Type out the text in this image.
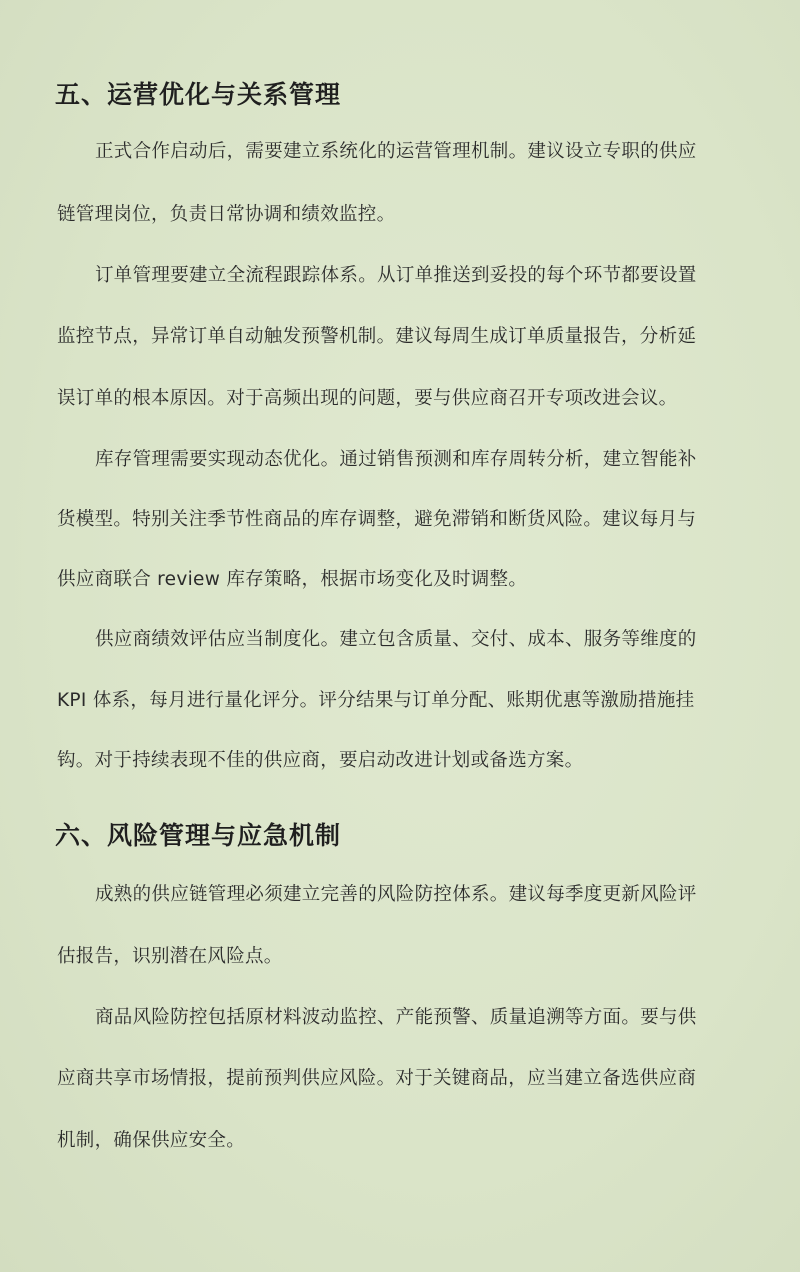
五、运营优化与关系管理

正式合作启动后，需要建立系统化的运营管理机制。建议设立专职的供应

链管理岗位，负责日常协调和绩效监控。

订单管理要建立全流程跟踪体系。从订单推送到妥投的每个环节都要设置

监控节点，异常订单自动触发预警机制。建议每周生成订单质量报告，分析延

误订单的根本原因。对于高频出现的问题，要与供应商召开专项改进会议。

库存管理需要实现动态优化。通过销售预测和库存周转分析，建立智能补

货模型。特别关注季节性商品的库存调整，避免滞销和断货风险。建议每月与

供应商联合 review 库存策略，根据市场变化及时调整。

供应商绩效评估应当制度化。建立包含质量、交付、成本、服务等维度的

KPI 体系，每月进行量化评分。评分结果与订单分配、账期优惠等激励措施挂

钩。对于持续表现不佳的供应商，要启动改进计划或备选方案。

六、风险管理与应急机制

成熟的供应链管理必须建立完善的风险防控体系。建议每季度更新风险评

估报告，识别潜在风险点。

商品风险防控包括原材料波动监控、产能预警、质量追溯等方面。要与供

应商共享市场情报，提前预判供应风险。对于关键商品，应当建立备选供应商

机制，确保供应安全。
